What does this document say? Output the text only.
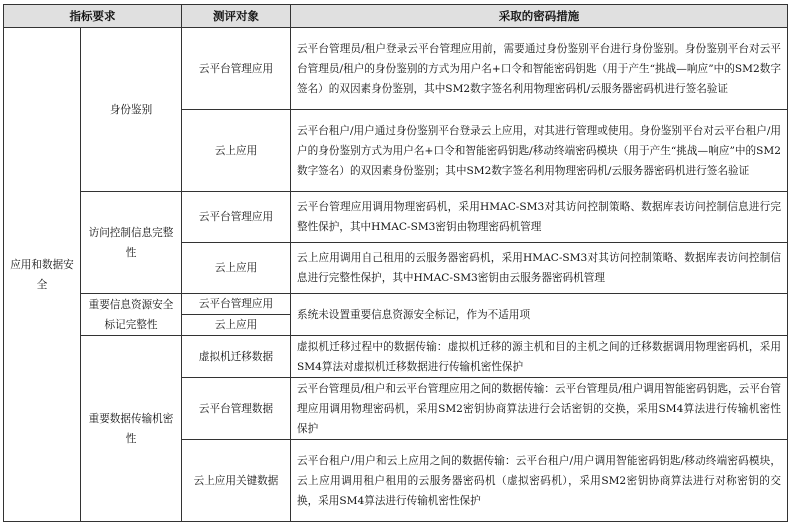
指标要求		测评对象	采取的密码措施
应用和数据安全	身份鉴别	云平台管理应用	云平台管理员/租户登录云平台管理应用前，需要通过身份鉴别平台进行身份鉴别。身份鉴别平台对云平台管理员/租户的身份鉴别的方式为用户名+口令和智能密码钥匙（用于产生“挑战—响应”中的SM2数字签名）的双因素身份鉴别，其中SM2数字签名利用物理密码机/云服务器密码机进行签名验证
		云上应用	云平台租户/用户通过身份鉴别平台登录云上应用，对其进行管理或使用。身份鉴别平台对云平台租户/用户的身份鉴别方式为用户名+口令和智能密码钥匙/移动终端密码模块（用于产生“挑战—响应”中的SM2数字签名）的双因素身份鉴别；其中SM2数字签名利用物理密码机/云服务器密码机进行签名验证
	访问控制信息完整性	云平台管理应用	云平台管理应用调用物理密码机，采用HMAC-SM3对其访问控制策略、数据库表访问控制信息进行完整性保护，其中HMAC-SM3密钥由物理密码机管理
		云上应用	云上应用调用自己租用的云服务器密码机，采用HMAC-SM3对其访问控制策略、数据库表访问控制信息进行完整性保护，其中HMAC-SM3密钥由云服务器密码机管理
	重要信息资源安全标记完整性	云平台管理应用	系统未设置重要信息资源安全标记，作为不适用项
		云上应用	
	重要数据传输机密性	虚拟机迁移数据	虚拟机迁移过程中的数据传输：虚拟机迁移的源主机和目的主机之间的迁移数据调用物理密码机，采用SM4算法对虚拟机迁移数据进行传输机密性保护
		云平台管理数据	云平台管理员/租户和云平台管理应用之间的数据传输：云平台管理员/租户调用智能密码钥匙，云平台管理应用调用物理密码机，采用SM2密钥协商算法进行会话密钥的交换，采用SM4算法进行传输机密性保护
		云上应用关键数据	云平台租户/用户和云上应用之间的数据传输：云平台租户/用户调用智能密码钥匙/移动终端密码模块，云上应用调用租户租用的云服务器密码机（虚拟密码机），采用SM2密钥协商算法进行对称密钥的交换，采用SM4算法进行传输机密性保护
